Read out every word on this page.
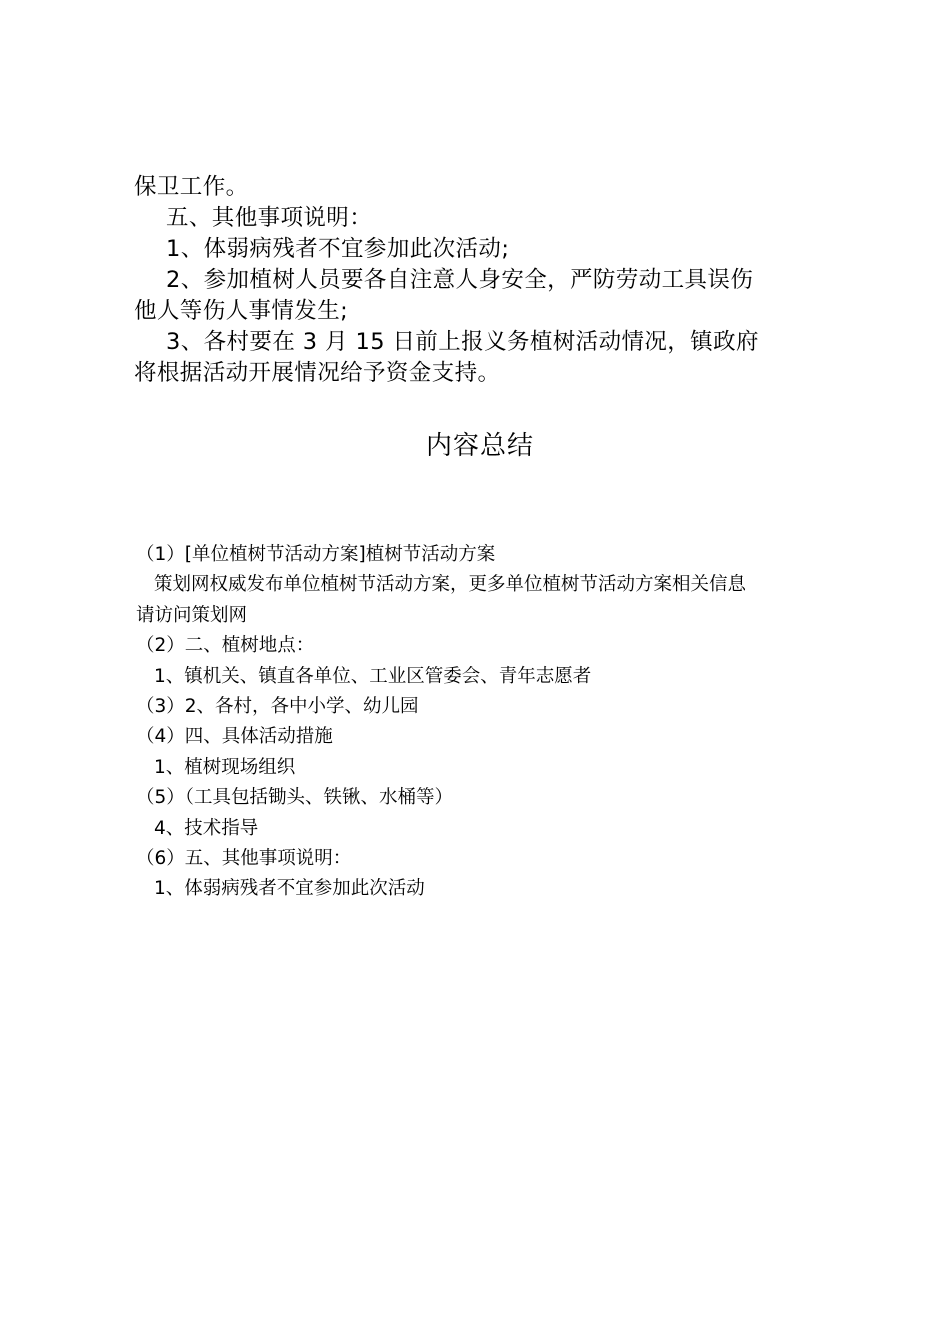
保卫工作。

五、其他事项说明：

1、体弱病残者不宜参加此次活动;

2、参加植树人员要各自注意人身安全，严防劳动工具误伤

他人等伤人事情发生;

3、各村要在 3 月 15 日前上报义务植树活动情况，镇政府

将根据活动开展情况给予资金支持。

内容总结

（1）[单位植树节活动方案]植树节活动方案

策划网权威发布单位植树节活动方案，更多单位植树节活动方案相关信息

请访问策划网

（2）二、植树地点：

1、镇机关、镇直各单位、工业区管委会、青年志愿者

（3）2、各村，各中小学、幼儿园

（4）四、具体活动措施

1、植树现场组织

（5）（工具包括锄头、铁锹、水桶等）

4、技术指导

（6）五、其他事项说明：

1、体弱病残者不宜参加此次活动
